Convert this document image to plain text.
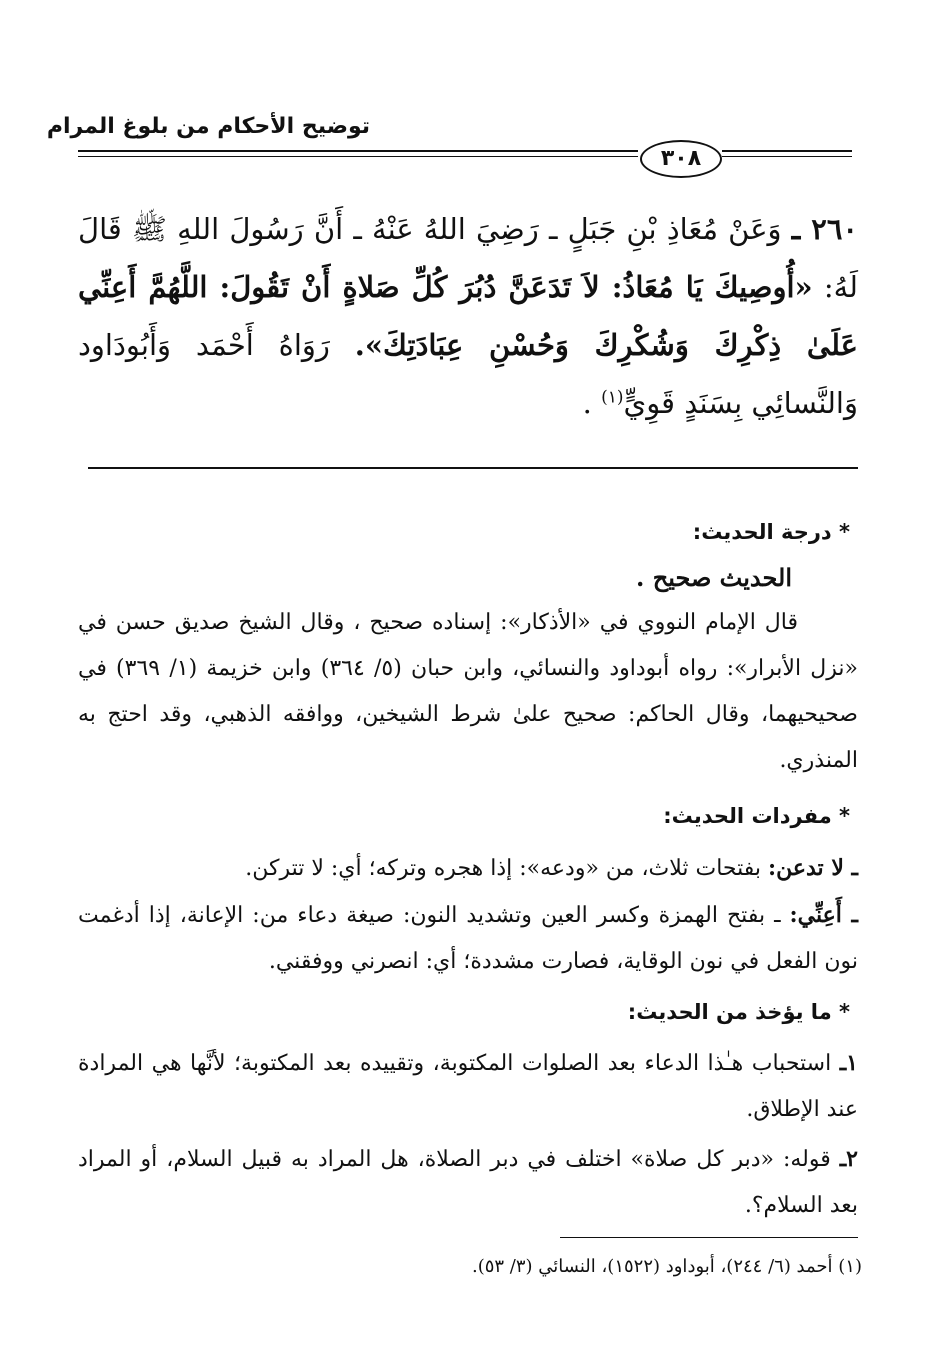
توضيح الأحكام من بلوغ المرام
٣٠٨
٢٦٠ ـ وَعَنْ مُعَاذِ بْنِ جَبَلٍ ـ رَضِيَ اللهُ عَنْهُ ـ أَنَّ رَسُولَ اللهِ ﷺ قَالَ لَهُ: «أُوصِيكَ يَا مُعَاذُ: لاَ تَدَعَنَّ دُبُرَ كُلِّ صَلاةٍ أَنْ تَقُولَ: اللَّهُمَّ أَعِنِّي عَلَىٰ ذِكْرِكَ وَشُكْرِكَ وَحُسْنِ عِبَادَتِكَ». رَوَاهُ أَحْمَد وَأَبُودَاود وَالنَّسائِي بِسَنَدٍ قَوِيٍّ$^{(١)}$ .
* درجة الحديث:
الحديث صحيح .
قال الإمام النووي في «الأذكار»: إسناده صحيح ، وقال الشيخ صديق حسن في «نزل الأبرار»: رواه أبوداود والنسائي، وابن حبان (٥/ ٣٦٤) وابن خزيمة (١/ ٣٦٩) في صحيحيهما، وقال الحاكم: صحيح علىٰ شرط الشيخين، ووافقه الذهبي، وقد احتج به المنذري.
* مفردات الحديث:
ـ لا تدعن: بفتحات ثلاث، من «ودعه»: إذا هجره وتركه؛ أي: لا تتركن.
ـ أَعِنِّي: ـ بفتح الهمزة وكسر العين وتشديد النون: صيغة دعاء من: الإعانة، إذا أدغمت نون الفعل في نون الوقاية، فصارت مشددة؛ أي: انصرني ووفقني.
* ما يؤخذ من الحديث:
١ـ استحباب هـٰذا الدعاء بعد الصلوات المكتوبة، وتقييده بعد المكتوبة؛ لأنَّها هي المرادة عند الإطلاق.
٢ـ قوله: «دبر كل صلاة» اختلف في دبر الصلاة، هل المراد به قبيل السلام، أو المراد بعد السلام؟.
(١) أحمد (٦/ ٢٤٤)، أبوداود (١٥٢٢)، النسائي (٣/ ٥٣).
